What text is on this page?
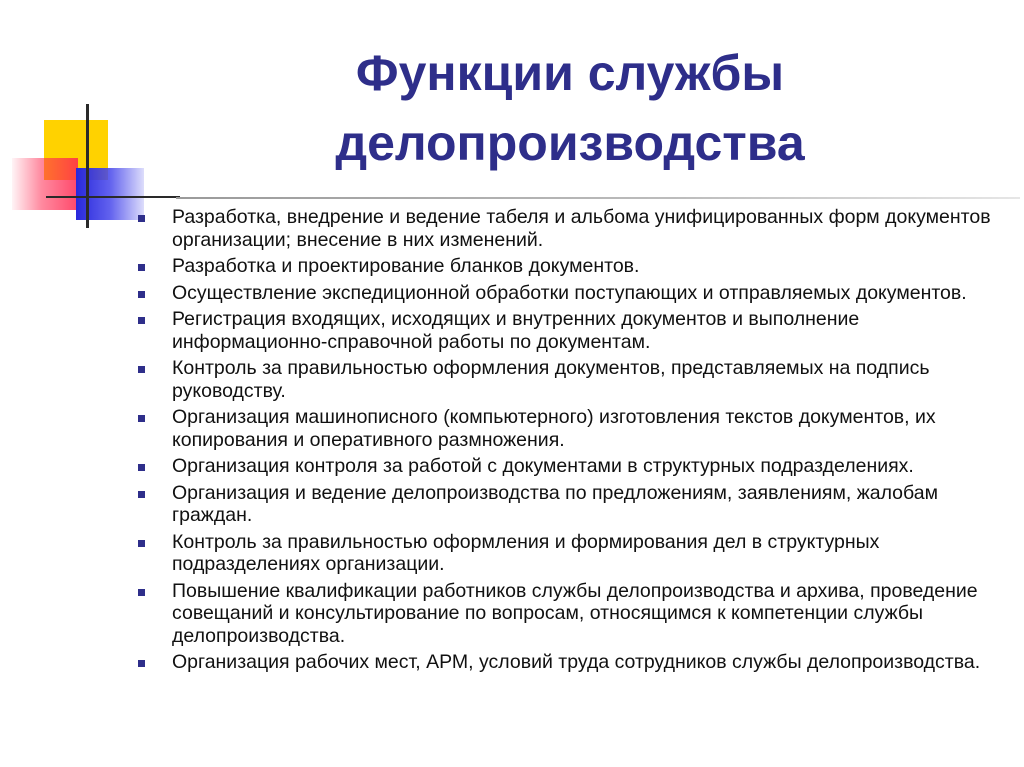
Функции службы
делопроизводства
Разработка, внедрение и ведение табеля и альбома унифицированных форм документов организации; внесение в них изменений.
Разработка и проектирование бланков документов.
Осуществление экспедиционной обработки поступающих и отправляемых документов.
Регистрация входящих, исходящих и внутренних документов и выполнение информационно-справочной работы по документам.
Контроль за правильностью оформления документов, представляемых на подпись руководству.
Организация машинописного (компьютерного) изготовления текстов документов, их копирования и оперативного размножения.
Организация контроля за работой с документами в структурных подразделениях.
Организация и ведение делопроизводства по предложениям, заявлениям, жалобам граждан.
Контроль за правильностью оформления и формирования дел в структурных подразделениях организации.
Повышение квалификации работников службы делопроизводства и архива, проведение совещаний и консультирование по вопросам, относящимся к компетенции службы делопроизводства.
Организация рабочих мест, АРМ, условий труда сотрудников службы делопроизводства.
